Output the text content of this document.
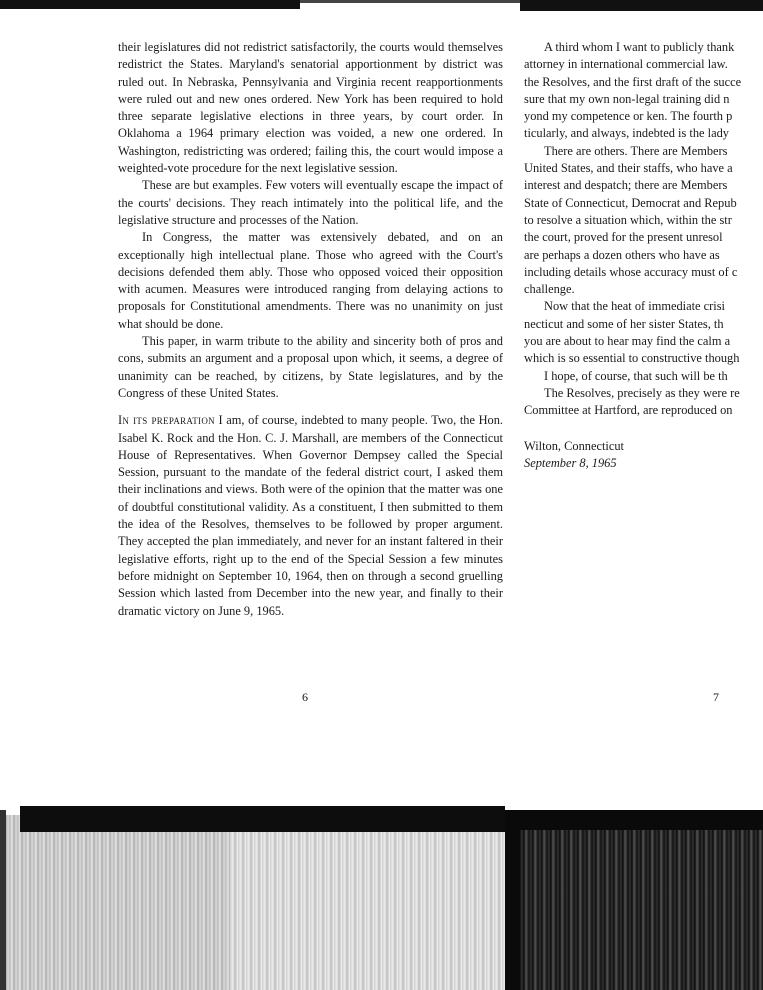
their legislatures did not redistrict satisfactorily, the courts would themselves redistrict the States. Maryland's senatorial apportionment by district was ruled out. In Nebraska, Pennsylvania and Virginia recent reapportionments were ruled out and new ones ordered. New York has been required to hold three separate legislative elections in three years, by court order. In Oklahoma a 1964 primary election was voided, a new one ordered. In Washington, redistricting was ordered; failing this, the court would impose a weighted-vote procedure for the next legislative session.

These are but examples. Few voters will eventually escape the impact of the courts' decisions. They reach intimately into the political life, and the legislative structure and processes of the Nation.

In Congress, the matter was extensively debated, and on an exceptionally high intellectual plane. Those who agreed with the Court's decisions defended them ably. Those who opposed voiced their opposition with acumen. Measures were introduced ranging from delaying actions to proposals for Constitutional amendments. There was no unanimity on just what should be done.

This paper, in warm tribute to the ability and sincerity both of pros and cons, submits an argument and a proposal upon which, it seems, a degree of unanimity can be reached, by citizens, by State legislatures, and by the Congress of these United States.

In its preparation I am, of course, indebted to many people. Two, the Hon. Isabel K. Rock and the Hon. C. J. Marshall, are members of the Connecticut House of Representatives. When Governor Dempsey called the Special Session, pursuant to the mandate of the federal district court, I asked them their inclinations and views. Both were of the opinion that the matter was one of doubtful constitutional validity. As a constituent, I then submitted to them the idea of the Resolves, themselves to be followed by proper argument. They accepted the plan immediately, and never for an instant faltered in their legislative efforts, right up to the end of the Special Session a few minutes before midnight on September 10, 1964, then on through a second gruelling Session which lasted from December into the new year, and finally to their dramatic victory on June 9, 1965.

6
A third whom I want to publicly thank
attorney in international commercial law.
the Resolves, and the first draft of the succe
sure that my own non-legal training did n
yond my competence or ken. The fourth p
ticularly, and always, indebted is the lady
There are others. There are Members
United States, and their staffs, who have a
interest and despatch; there are Members
State of Connecticut, Democrat and Repub
to resolve a situation which, within the str
the court, proved for the present unresol
are perhaps a dozen others who have as
including details whose accuracy must of c
challenge.
Now that the heat of immediate crisi
necticut and some of her sister States, th
you are about to hear may find the calm a
which is so essential to constructive though
I hope, of course, that such will be th
The Resolves, precisely as they were re
Committee at Hartford, are reproduced on
Wilton, Connecticut
September 8, 1965
7
